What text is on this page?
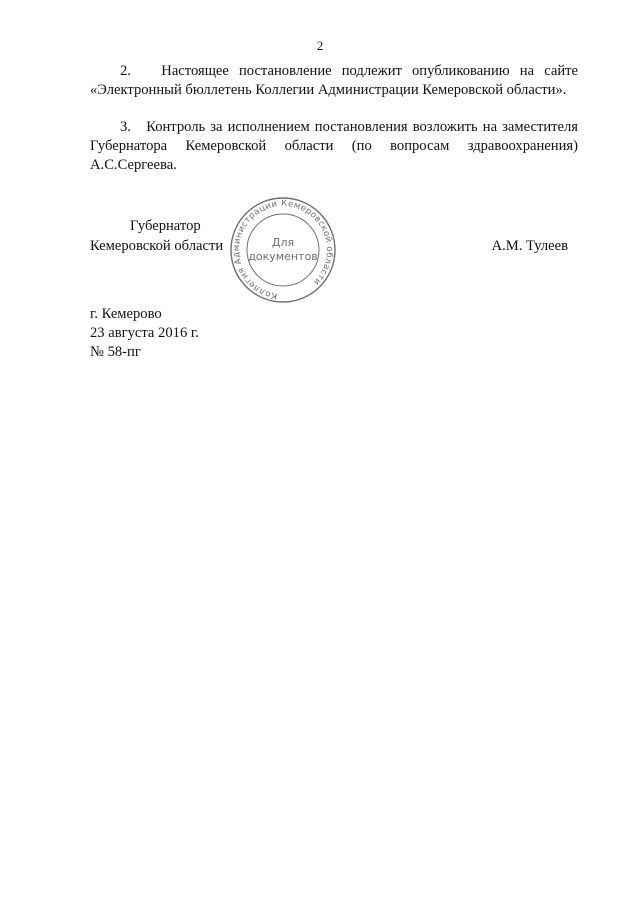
2

2. Настоящее постановление подлежит опубликованию на сайте «Электронный бюллетень Коллегии Администрации Кемеровской области».

3. Контроль за исполнением постановления возложить на заместителя Губернатора Кемеровской области (по вопросам здравоохранения) А.С.Сергеева.

Губернатор
Кемеровской области	А.М. Тулеев
Коллегия Администрации Кемеровской области
Для
документов
г. Кемерово
23 августа 2016 г.
№ 58-пг
